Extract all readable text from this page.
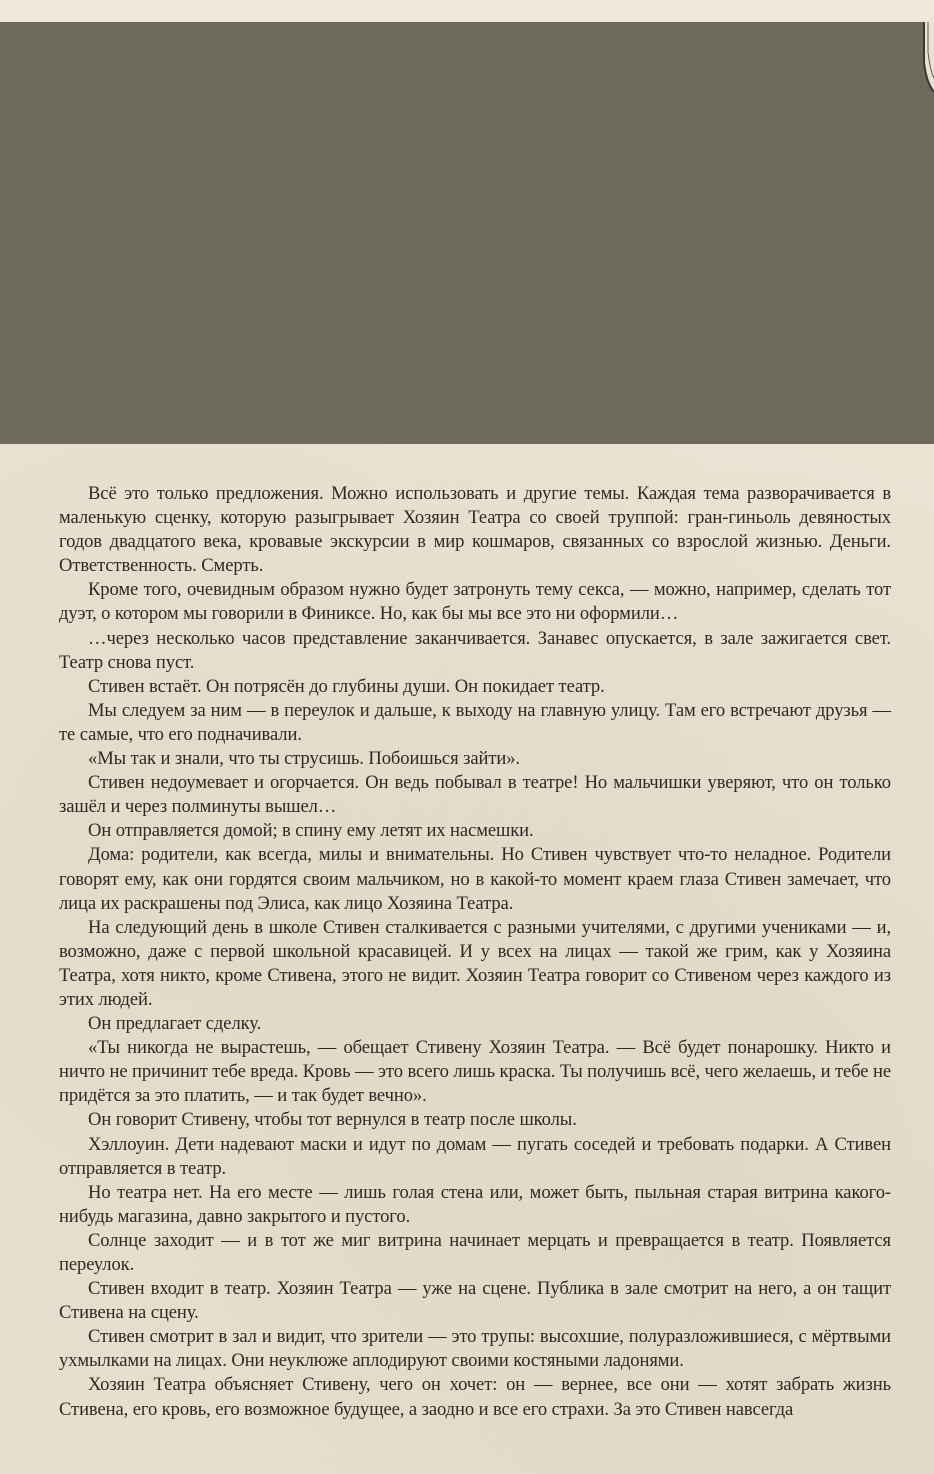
Всё это только предложения. Можно использовать и другие темы. Каждая тема разворачивается в маленькую сценку, которую разыгрывает Хозяин Театра со своей труппой: гран-гиньоль девяностых годов двадцатого века, кровавые экскурсии в мир кошмаров, связанных со взрослой жизнью. Деньги. Ответственность. Смерть.

Кроме того, очевидным образом нужно будет затронуть тему секса, — можно, например, сделать тот дуэт, о котором мы говорили в Финиксе. Но, как бы мы все это ни оформили…

…через несколько часов представление заканчивается. Занавес опускается, в зале зажигается свет. Театр снова пуст.

Стивен встаёт. Он потрясён до глубины души. Он покидает театр.

Мы следуем за ним — в переулок и дальше, к выходу на главную улицу. Там его встречают друзья — те самые, что его подначивали.

«Мы так и знали, что ты струсишь. Побоишься зайти».

Стивен недоумевает и огорчается. Он ведь побывал в театре! Но мальчишки уверяют, что он только зашёл и через полминуты вышел…

Он отправляется домой; в спину ему летят их насмешки.

Дома: родители, как всегда, милы и внимательны. Но Стивен чувствует что-то неладное. Родители говорят ему, как они гордятся своим мальчиком, но в какой-то момент краем глаза Стивен замечает, что лица их раскрашены под Элиса, как лицо Хозяина Театра.

На следующий день в школе Стивен сталкивается с разными учителями, с другими учениками — и, возможно, даже с первой школьной красавицей. И у всех на лицах — такой же грим, как у Хозяина Театра, хотя никто, кроме Стивена, этого не видит. Хозяин Театра говорит со Стивеном через каждого из этих людей.

Он предлагает сделку.

«Ты никогда не вырастешь, — обещает Стивену Хозяин Театра. — Всё будет понарошку. Никто и ничто не причинит тебе вреда. Кровь — это всего лишь краска. Ты получишь всё, чего желаешь, и тебе не придётся за это платить, — и так будет вечно».

Он говорит Стивену, чтобы тот вернулся в театр после школы.

Хэллоуин. Дети надевают маски и идут по домам — пугать соседей и требовать подарки. А Стивен отправляется в театр.

Но театра нет. На его месте — лишь голая стена или, может быть, пыльная старая витрина какого-нибудь магазина, давно закрытого и пустого.

Солнце заходит — и в тот же миг витрина начинает мерцать и превращается в театр. Появляется переулок.

Стивен входит в театр. Хозяин Театра — уже на сцене. Публика в зале смотрит на него, а он тащит Стивена на сцену.

Стивен смотрит в зал и видит, что зрители — это трупы: высохшие, полуразложившиеся, с мёртвыми ухмылками на лицах. Они неуклюже аплодируют своими костяными ладонями.

Хозяин Театра объясняет Стивену, чего он хочет: он — вернее, все они — хотят забрать жизнь Стивена, его кровь, его возможное будущее, а заодно и все его страхи. За это Стивен навсегда
